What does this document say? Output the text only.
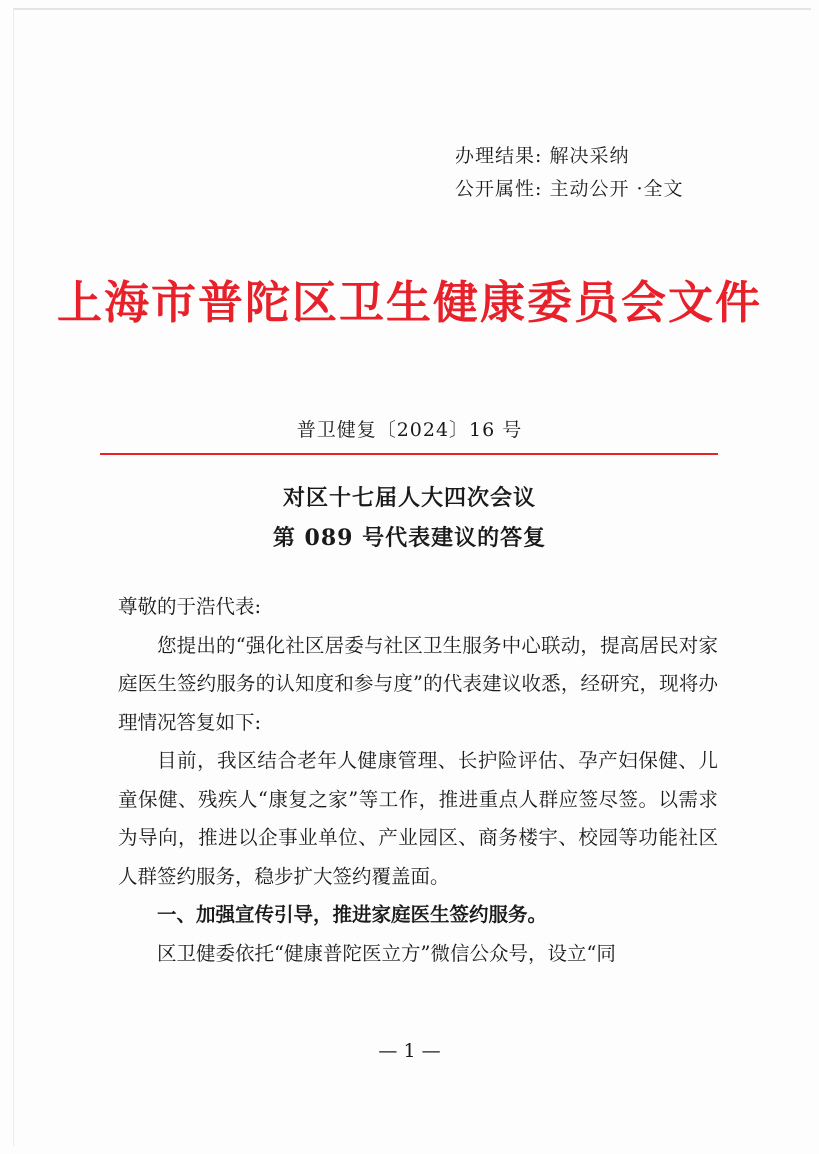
办理结果: 解决采纳
公开属性: 主动公开 ·全文
上海市普陀区卫生健康委员会文件
普卫健复〔2024〕16 号
对区十七届人大四次会议
第 089 号代表建议的答复

尊敬的于浩代表:

您提出的“强化社区居委与社区卫生服务中心联动，提高居民对家庭医生签约服务的认知度和参与度”的代表建议收悉，经研究，现将办理情况答复如下:

目前，我区结合老年人健康管理、长护险评估、孕产妇保健、儿童保健、残疾人“康复之家”等工作，推进重点人群应签尽签。以需求为导向，推进以企事业单位、产业园区、商务楼宇、校园等功能社区人群签约服务，稳步扩大签约覆盖面。

一、加强宣传引导，推进家庭医生签约服务。

区卫健委依托“健康普陀医立方”微信公众号，设立“同

— 1 —
